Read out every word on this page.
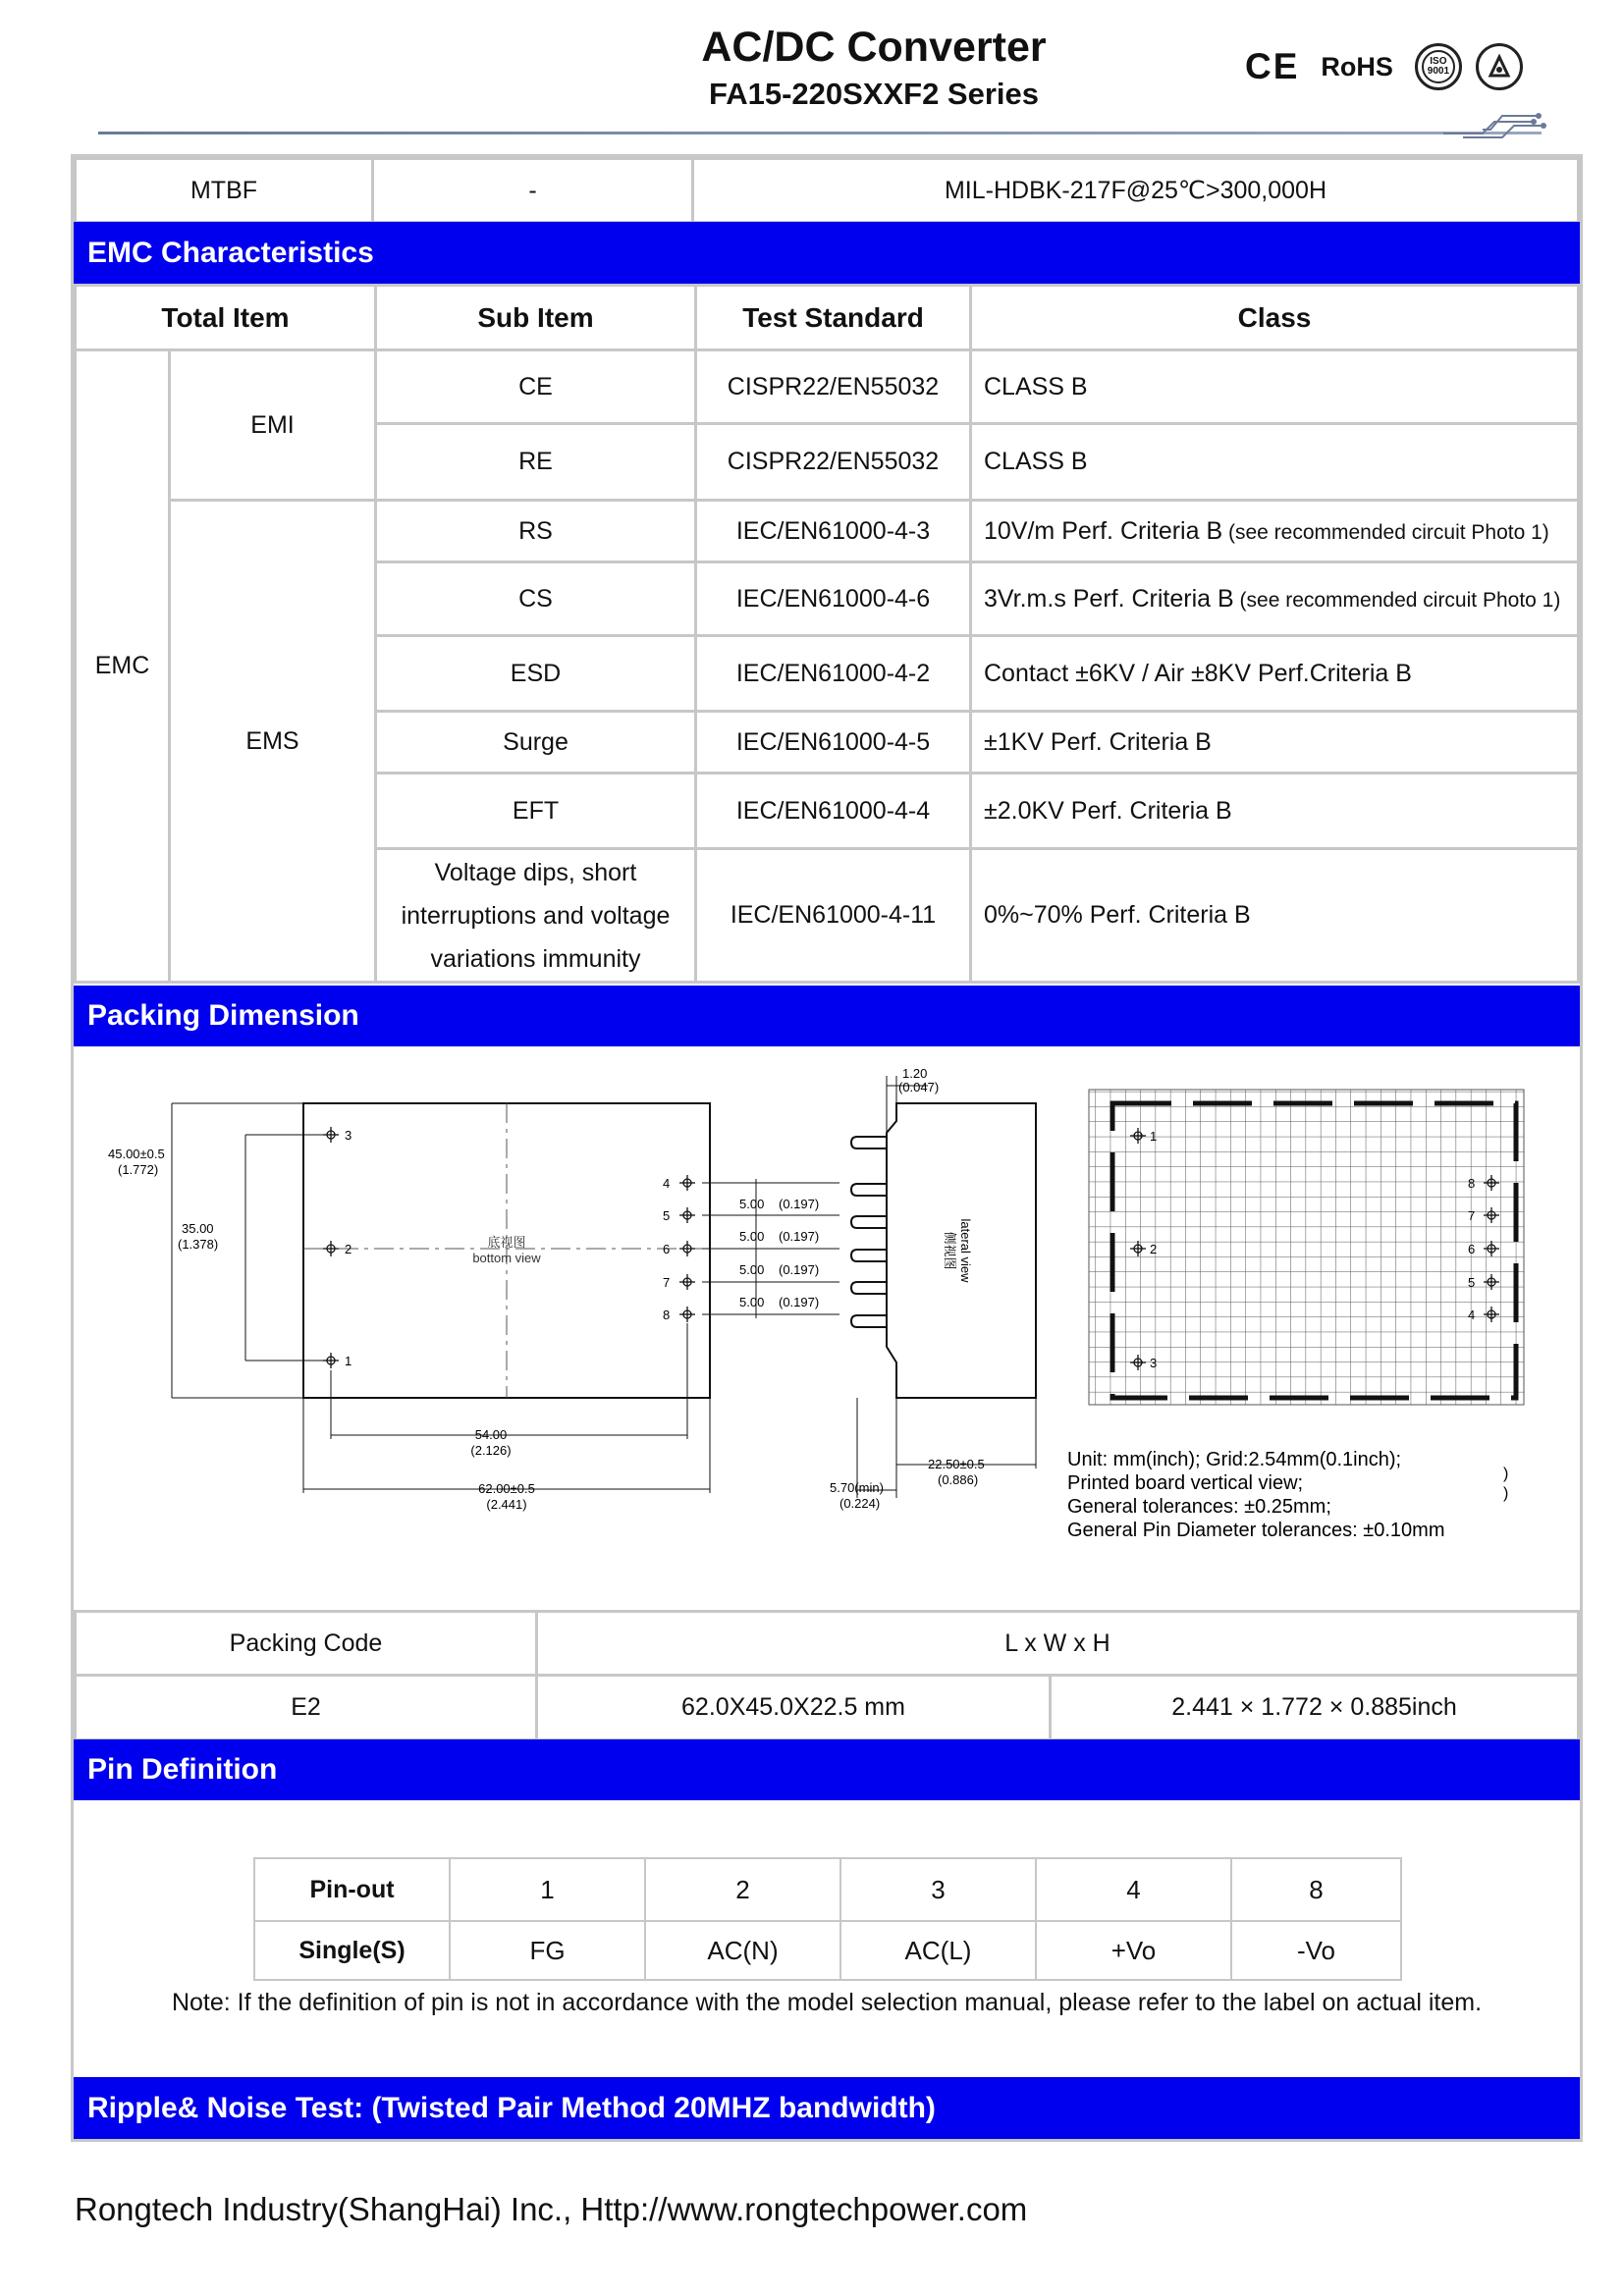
AC/DC Converter
FA15-220SXXF2 Series
CE RoHS	ISO 9001
MTBF	-	MIL-HDBK-217F@25℃>300,000H
EMC Characteristics
Total Item		Sub Item	Test Standard	Class
EMC	EMI	CE	CISPR22/EN55032	CLASS B
		RE	CISPR22/EN55032	CLASS B
	EMS	RS	IEC/EN61000-4-3	10V/m Perf. Criteria B (see recommended circuit Photo 1)
		CS	IEC/EN61000-4-6	3Vr.m.s Perf. Criteria B (see recommended circuit Photo 1)
		ESD	IEC/EN61000-4-2	Contact ±6KV / Air ±8KV Perf.Criteria B
		Surge	IEC/EN61000-4-5	±1KV Perf. Criteria B
		EFT	IEC/EN61000-4-4	±2.0KV Perf. Criteria B

		Voltage dips, short
interruptions and voltage
variations immunity	IEC/EN61000-4-11	0%~70% Perf. Criteria B
Packing Dimension
底视图
bottom view
3
2
1
4
5
6
7
8
5.00 (0.197)
5.00 (0.197)
5.00 (0.197)
5.00 (0.197)
45.00±0.5
(1.772)
35.00
(1.378)
54.00
(2.126)
62.00±0.5
(2.441)
侧视图 lateral view
1.20
(0.047)
22.50±0.5
(0.886)
5.70(min)
(0.224)
1
2
3
8
7
6
5
4
Unit: mm(inch); Grid:2.54mm(0.1inch);
Printed board vertical view;
General tolerances: ±0.25mm;
General Pin Diameter tolerances: ±0.10mm
)
)
Packing Code	L x W x H	
E2	62.0X45.0X22.5 mm	2.441 × 1.772 × 0.885inch
Pin Definition
Pin-out	1	2	3	4	8
Single(S)	FG	AC(N)	AC(L)	+Vo	-Vo
Note: If the definition of pin is not in accordance with the model selection manual, please refer to the label on actual item.
Ripple& Noise Test: (Twisted Pair Method 20MHZ bandwidth)
Rongtech Industry(ShangHai) Inc., Http://www.rongtechpower.com
